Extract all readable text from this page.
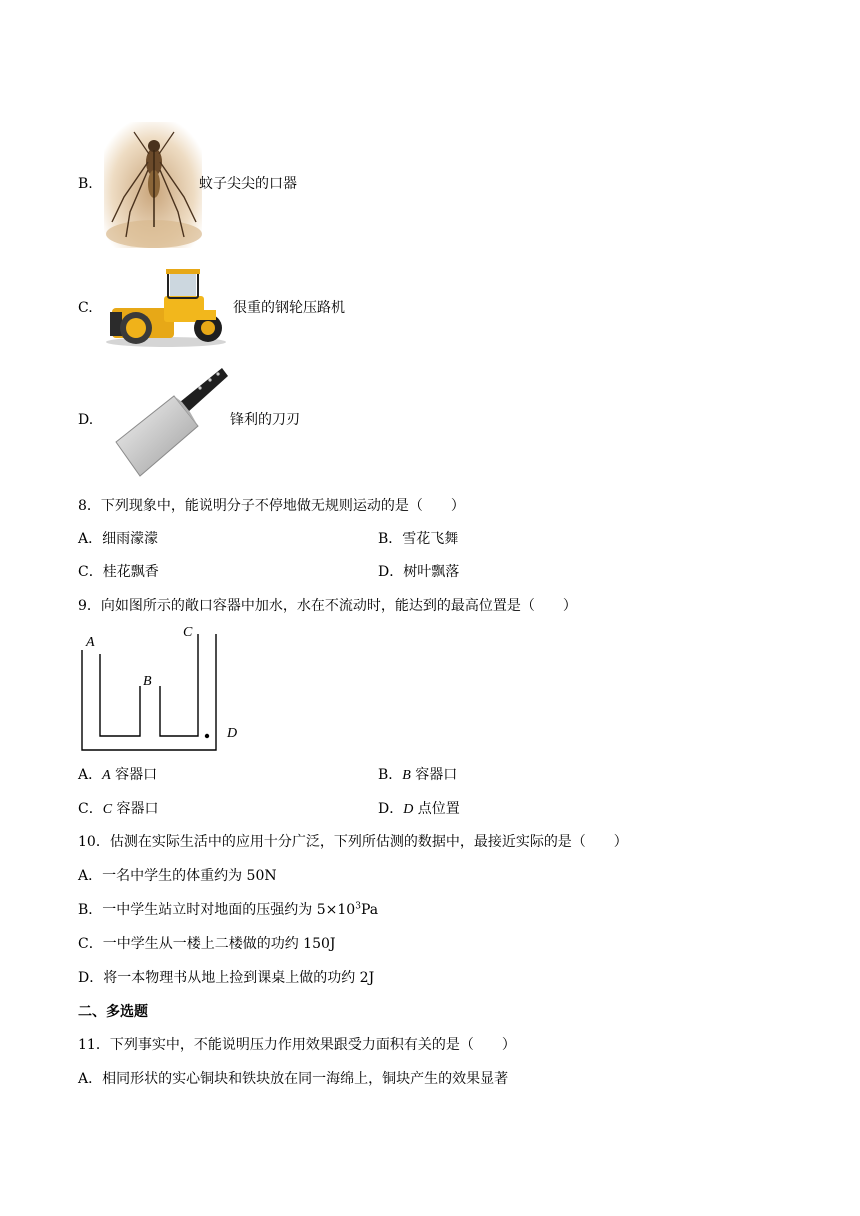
B.	蚊子尖尖的口器
C.	很重的钢轮压路机
D.	锋利的刀刃
8．下列现象中，能说明分子不停地做无规则运动的是（　　）
A．细雨濛濛	B．雪花飞舞
C．桂花飘香	D．树叶飘落
9．向如图所示的敞口容器中加水，水在不流动时，能达到的最高位置是（　　）
A
C
B
D
A．A 容器口	B．B 容器口
C．C 容器口	D．D 点位置
10．估测在实际生活中的应用十分广泛，下列所估测的数据中，最接近实际的是（　　）
A．一名中学生的体重约为 50N
B．一中学生站立时对地面的压强约为 $5\times 10^3Pa$
C．一中学生从一楼上二楼做的功约 150J
D．将一本物理书从地上捡到课桌上做的功约 2J
二、多选题
11．下列事实中，不能说明压力作用效果跟受力面积有关的是（　　）
A．相同形状的实心铜块和铁块放在同一海绵上，铜块产生的效果显著
